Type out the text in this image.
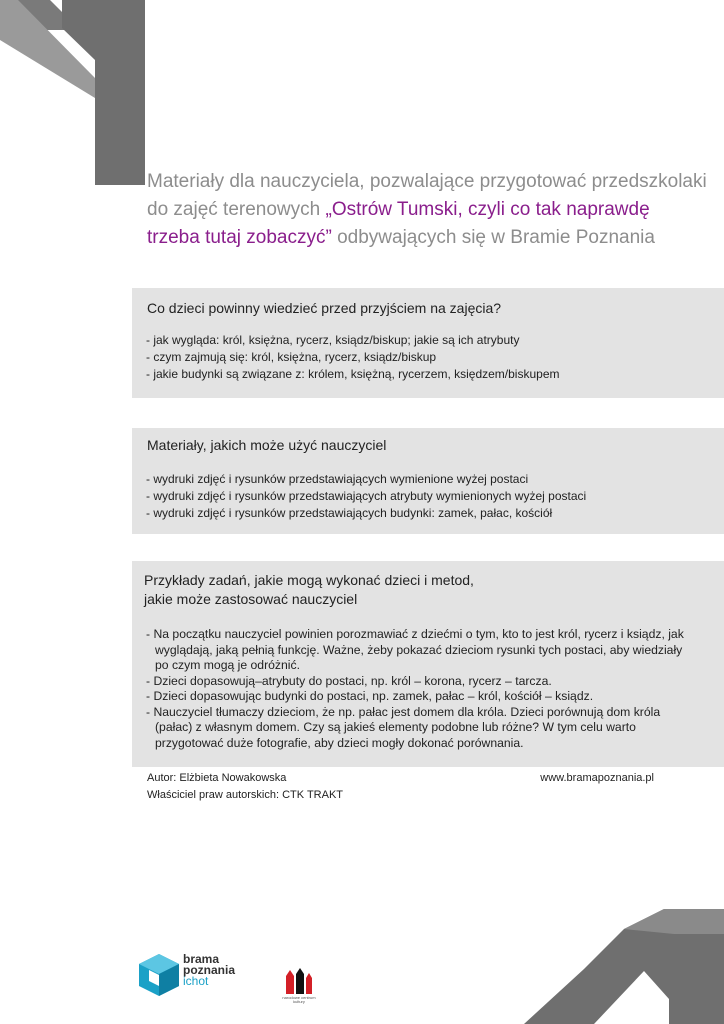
Materiały dla nauczyciela, pozwalające przygotować przedszkolaki do zajęć terenowych „Ostrów Tumski, czyli co tak naprawdę trzeba tutaj zobaczyć” odbywających się w Bramie Poznania
Co dzieci powinny wiedzieć przed przyjściem na zajęcia?
- jak wygląda: król, księżna, rycerz, ksiądz/biskup; jakie są ich atrybuty
- czym zajmują się: król, księżna, rycerz, ksiądz/biskup
- jakie budynki są związane z: królem, księżną, rycerzem, księdzem/biskupem
Materiały, jakich może użyć nauczyciel
- wydruki zdjęć i rysunków przedstawiających wymienione wyżej postaci
- wydruki zdjęć i rysunków przedstawiających atrybuty wymienionych wyżej postaci
- wydruki zdjęć i rysunków przedstawiających budynki: zamek, pałac, kościół
Przykłady zadań, jakie mogą wykonać dzieci i metod,
jakie może zastosować nauczyciel
- Na początku nauczyciel powinien porozmawiać z dziećmi o tym, kto to jest król, rycerz i ksiądz, jak wyglądają, jaką pełnią funkcję. Ważne, żeby pokazać dzieciom rysunki tych postaci, aby wiedziały po czym mogą je odróżnić.
- Dzieci dopasowują–atrybuty do postaci, np. król – korona, rycerz – tarcza.
- Dzieci dopasowując budynki do postaci, np. zamek, pałac – król, kościół – ksiądz.
- Nauczyciel tłumaczy dzieciom, że np. pałac jest domem dla króla. Dzieci porównują dom króla (pałac) z własnym domem. Czy są jakieś elementy podobne lub różne? W tym celu warto przygotować duże fotografie, aby dzieci mogły dokonać porównania.
Autor: Elżbieta Nowakowska
Właściciel praw autorskich: CTK TRAKT
www.bramapoznania.pl
brama
poznania
ichot
narodowe centrum kultury
